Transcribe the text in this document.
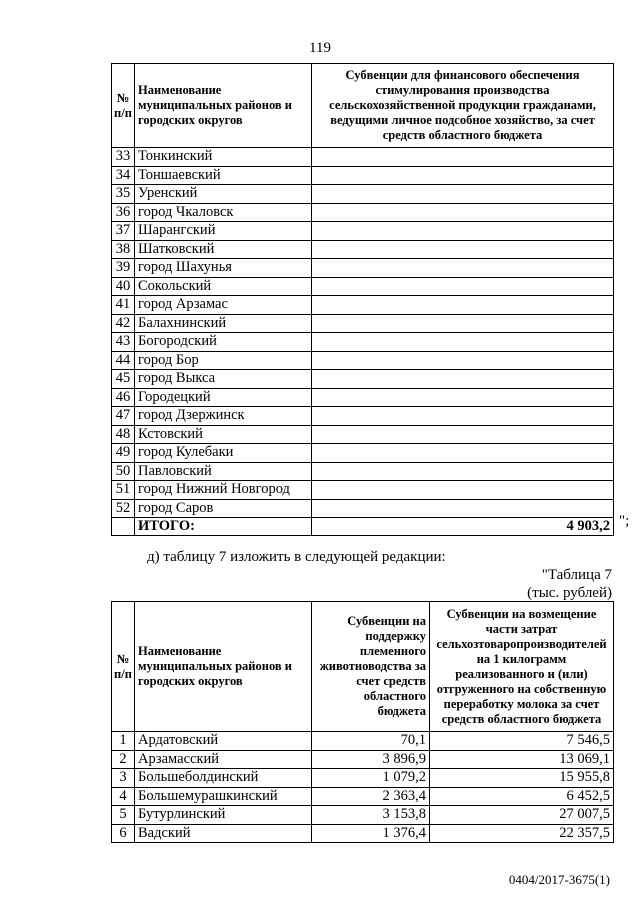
119
№ п/п	Наименование муниципальных районов и городских округов	Субвенции для финансового обеспечения стимулирования производства сельскохозяйственной продукции гражданами, ведущими личное подсобное хозяйство, за счет средств областного бюджета
33	Тонкинский	
34	Тоншаевский	
35	Уренский	
36	город Чкаловск	
37	Шарангский	
38	Шатковский	
39	город Шахунья	
40	Сокольский	
41	город Арзамас	
42	Балахнинский	
43	Богородский	
44	город Бор	
45	город Выкса	
46	Городецкий	
47	город Дзержинск	
48	Кстовский	
49	город Кулебаки	
50	Павловский	
51	город Нижний Новгород	
52	город Саров	
	ИТОГО:	4 903,2 ";
д) таблицу 7 изложить в следующей редакции:
"Таблица 7
(тыс. рублей)
№ п/п	Наименование муниципальных районов и городских округов	Субвенции на поддержку племенного животноводства за счет средств областного бюджета	Субвенции на возмещение части затрат сельхозтоваропроизводителей на 1 килограмм реализованного и (или) отгруженного на собственную переработку молока за счет средств областного бюджета
1	Ардатовский	70,1	7 546,5
2	Арзамасский	3 896,9	13 069,1
3	Большеболдинский	1 079,2	15 955,8
4	Большемурашкинский	2 363,4	6 452,5
5	Бутурлинский	3 153,8	27 007,5
6	Вадский	1 376,4	22 357,5
0404/2017-3675(1)
